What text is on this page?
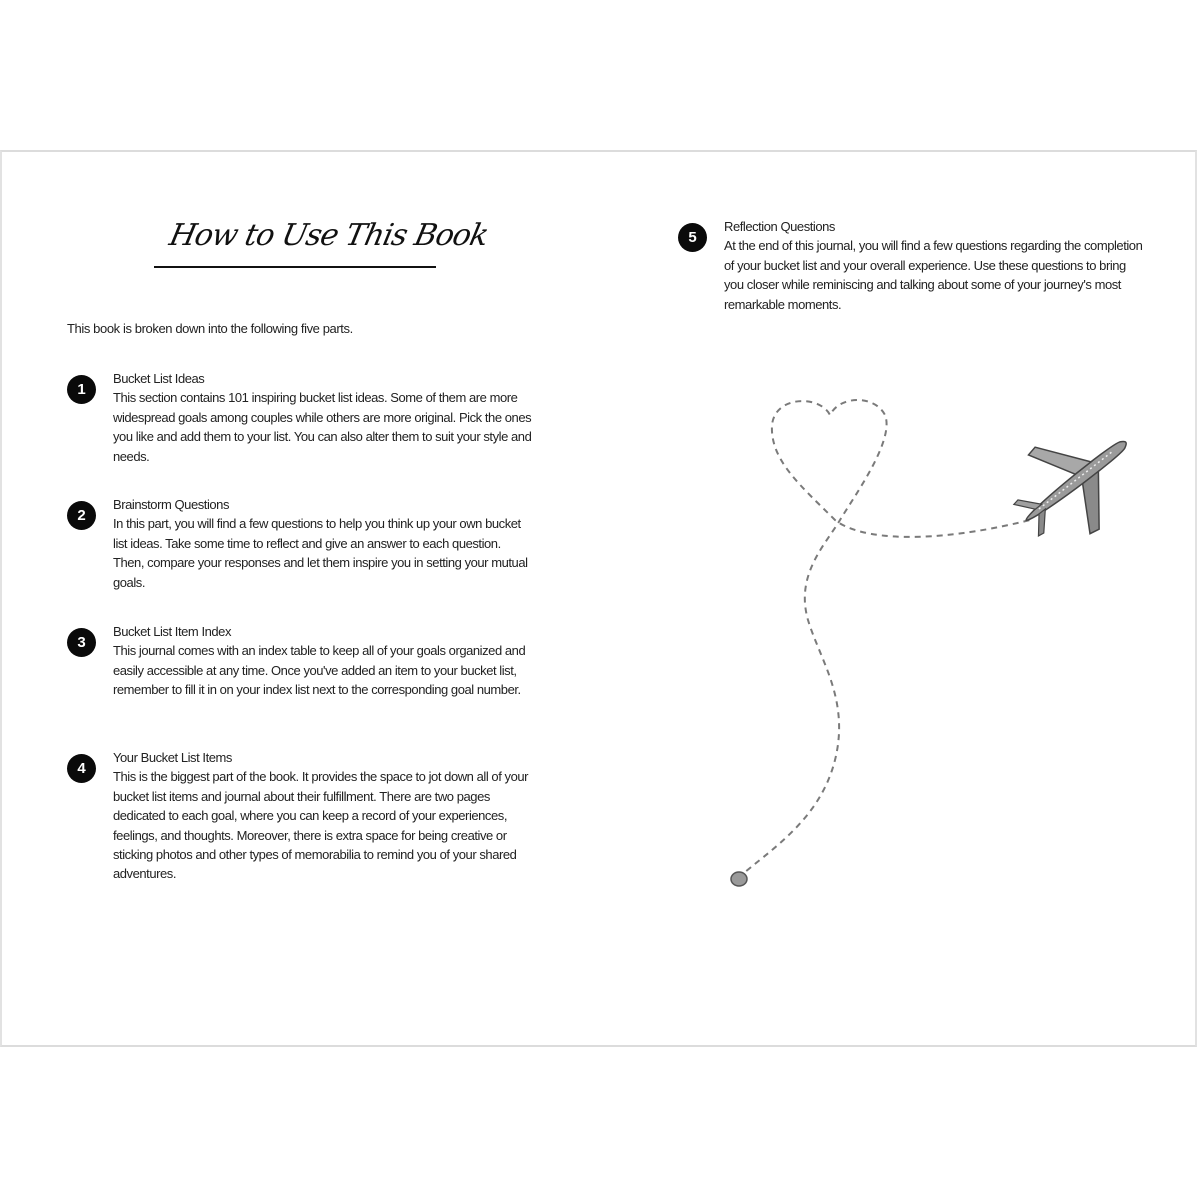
How to Use This Book
This book is broken down into the following five parts.
1
Bucket List Ideas
This section contains 101 inspiring bucket list ideas. Some of them are more widespread goals among couples while others are more original. Pick the ones you like and add them to your list. You can also alter them to suit your style and needs.
2
Brainstorm Questions
In this part, you will find a few questions to help you think up your own bucket list ideas. Take some time to reflect and give an answer to each question. Then, compare your responses and let them inspire you in setting your mutual goals.
3
Bucket List Item Index
This journal comes with an index table to keep all of your goals organized and easily accessible at any time. Once you've added an item to your bucket list, remember to fill it in on your index list next to the corresponding goal number.
4
Your Bucket List Items
This is the biggest part of the book. It provides the space to jot down all of your bucket list items and journal about their fulfillment. There are two pages dedicated to each goal, where you can keep a record of your experiences, feelings, and thoughts. Moreover, there is extra space for being creative or sticking photos and other types of memorabilia to remind you of your shared adventures.
5
Reflection Questions
At the end of this journal, you will find a few questions regarding the completion of your bucket list and your overall experience. Use these questions to bring you closer while reminiscing and talking about some of your journey's most remarkable moments.
